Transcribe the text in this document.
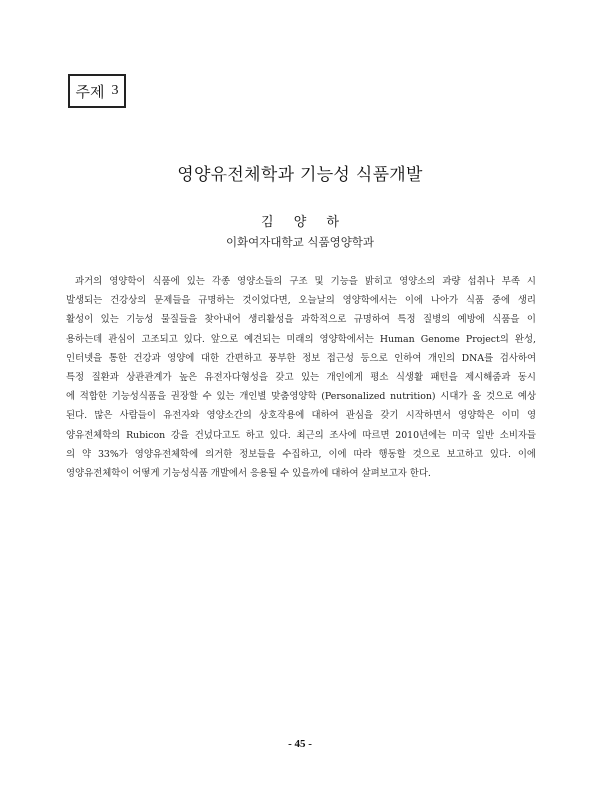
주제 3
영양유전체학과 기능성 식품개발
김 양 하
이화여자대학교 식품영양학과
과거의 영양학이 식품에 있는 각종 영양소들의 구조 및 기능을 밝히고 영양소의 과량 섭취나 부족 시
발생되는 건강상의 문제들을 규명하는 것이었다면, 오늘날의 영양학에서는 이에 나아가 식품 중에 생리
활성이 있는 기능성 물질들을 찾아내어 생리활성을 과학적으로 규명하여 특정 질병의 예방에 식품을 이
용하는데 관심이 고조되고 있다. 앞으로 예견되는 미래의 영양학에서는 Human Genome Project의 완성,
인터넷을 통한 건강과 영양에 대한 간편하고 풍부한 정보 접근성 등으로 인하여 개인의 DNA를 검사하여
특정 질환과 상관관계가 높은 유전자다형성을 갖고 있는 개인에게 평소 식생활 패턴을 제시해줌과 동시
에 적합한 기능성식품을 권장할 수 있는 개인별 맞춤영양학 (Personalized nutrition) 시대가 올 것으로 예상
된다. 많은 사람들이 유전자와 영양소간의 상호작용에 대하여 관심을 갖기 시작하면서 영양학은 이미 영
양유전체학의 Rubicon 강을 건넜다고도 하고 있다. 최근의 조사에 따르면 2010년에는 미국 일반 소비자들
의 약 33%가 영양유전체학에 의거한 정보들을 수집하고, 이에 따라 행동할 것으로 보고하고 있다. 이에
영양유전체학이 어떻게 기능성식품 개발에서 응용될 수 있을까에 대하여 살펴보고자 한다.
- 45 -
